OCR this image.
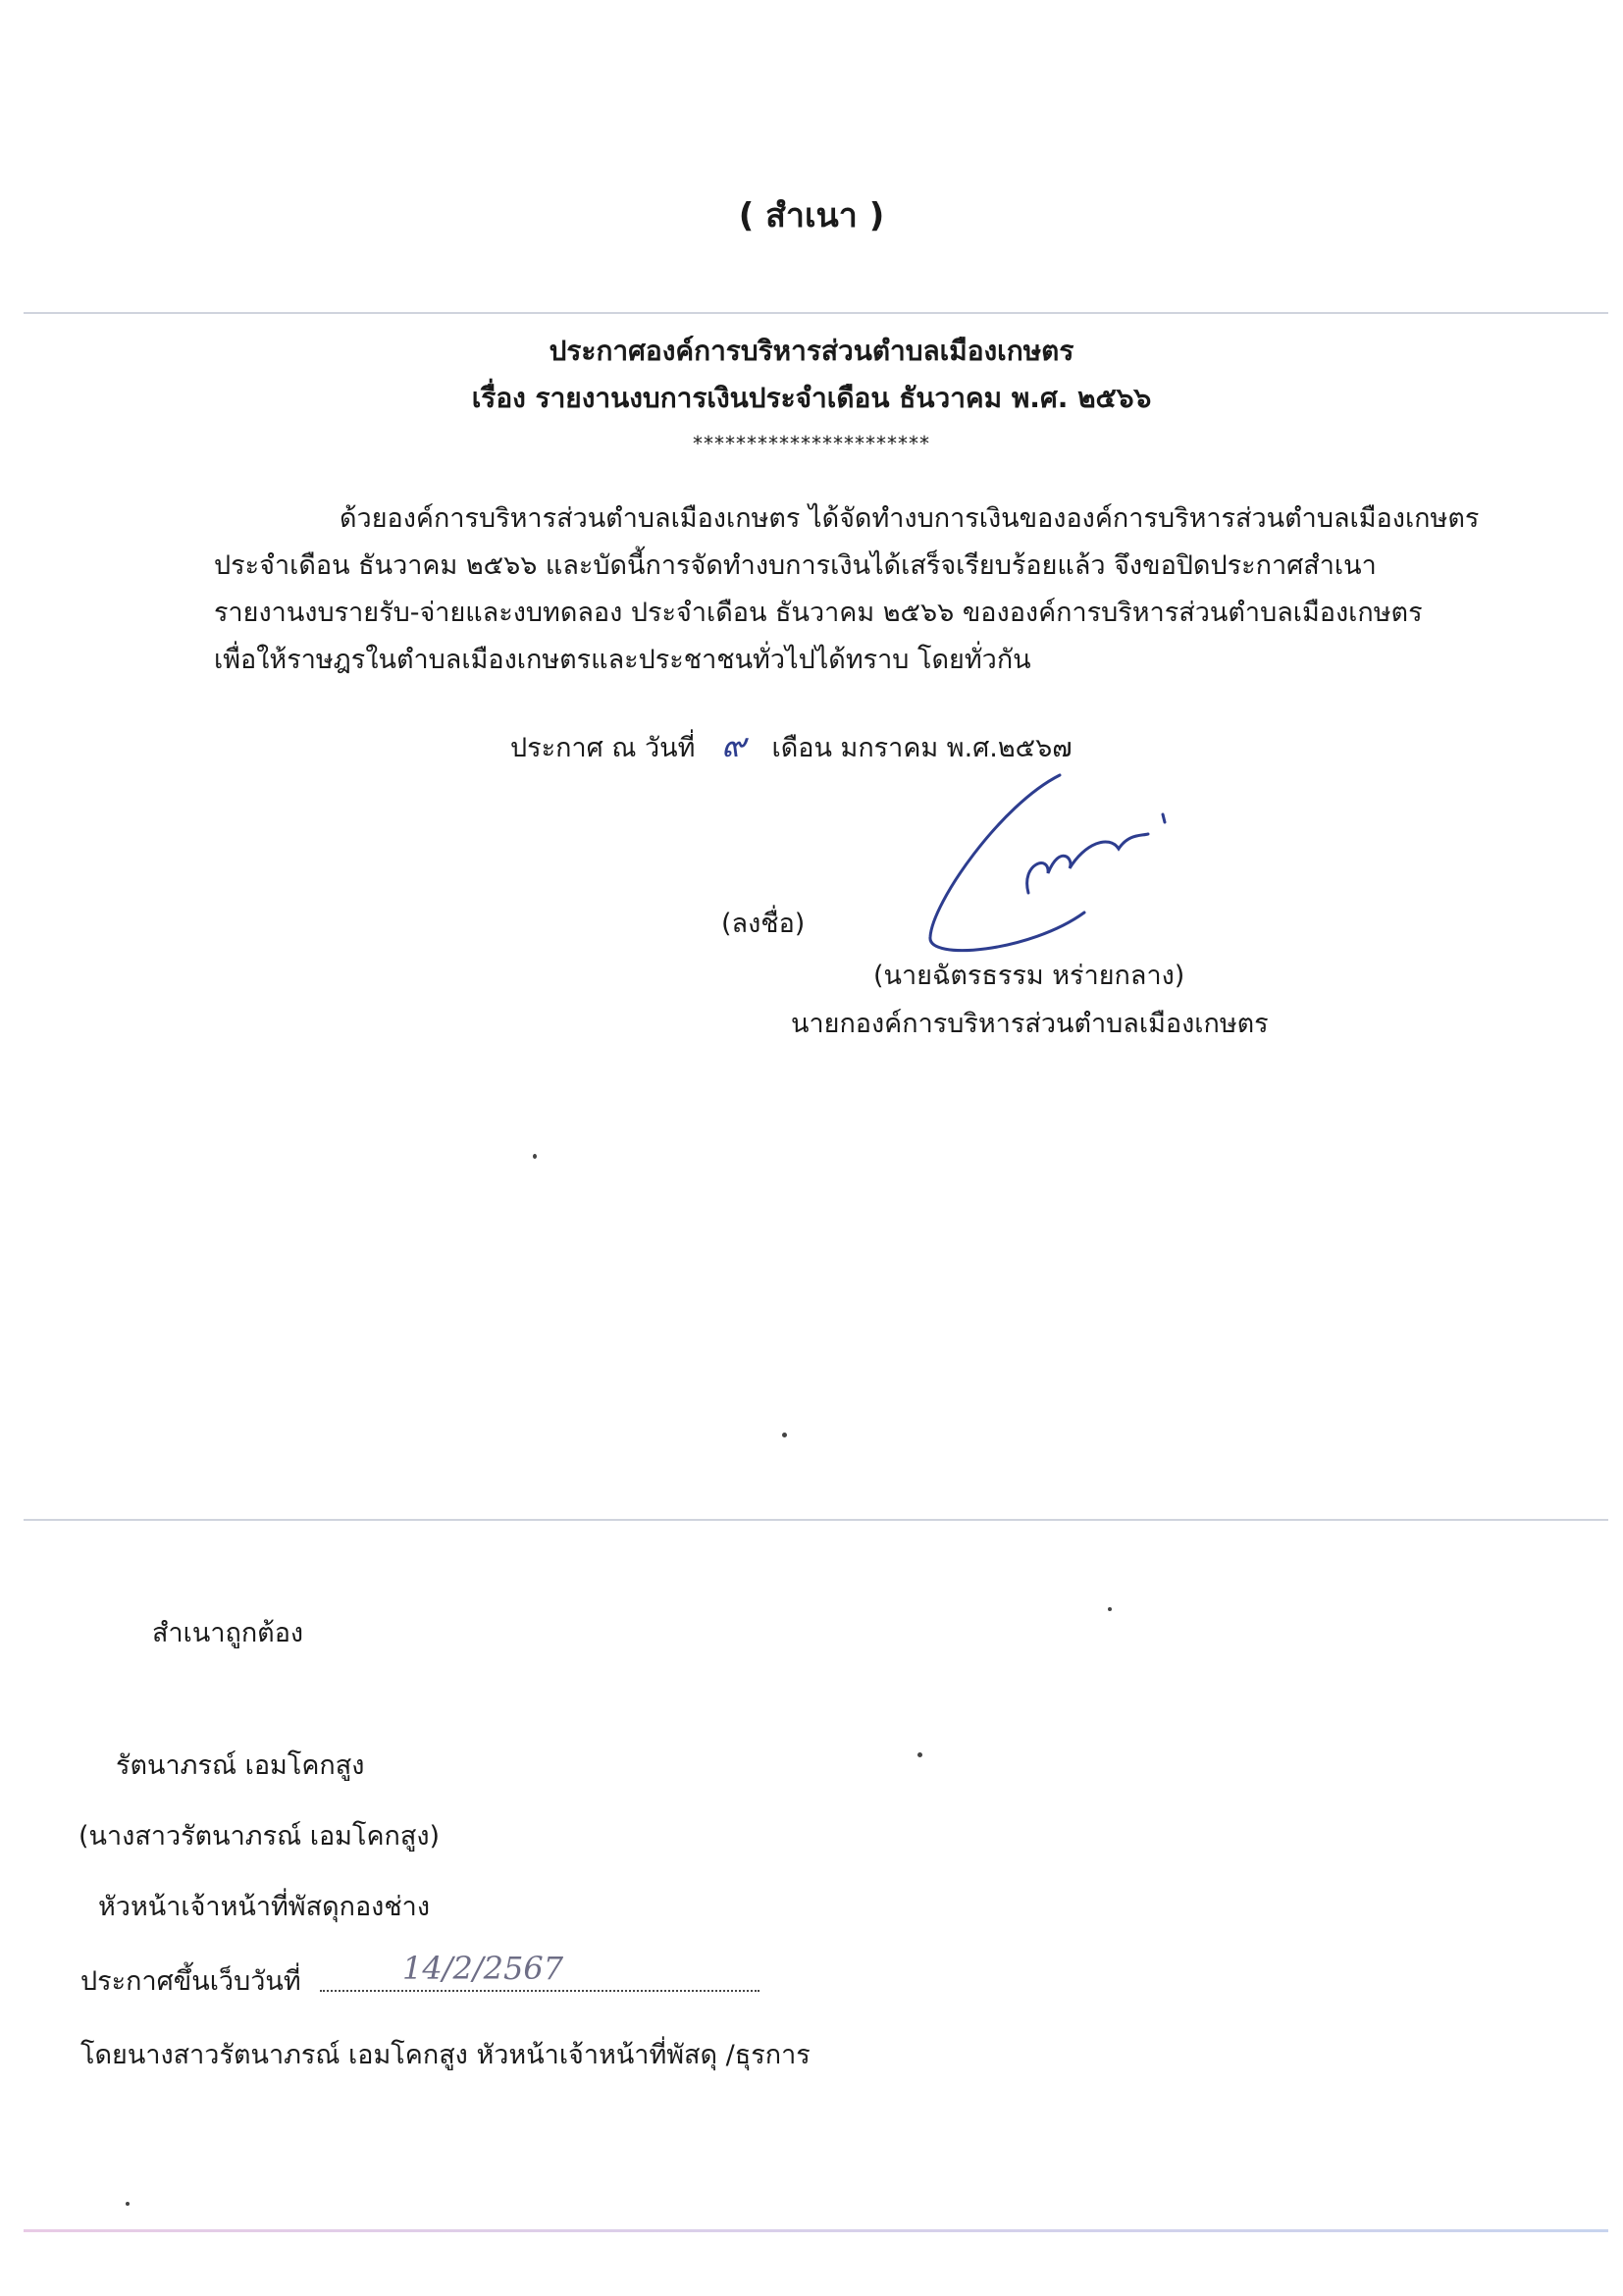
( สำเนา )
ประกาศองค์การบริหารส่วนตำบลเมืองเกษตร
เรื่อง รายงานงบการเงินประจำเดือน ธันวาคม พ.ศ. ๒๕๖๖
**********************
ด้วยองค์การบริหารส่วนตำบลเมืองเกษตร ได้จัดทำงบการเงินขององค์การบริหารส่วนตำบลเมืองเกษตร
ประจำเดือน ธันวาคม ๒๕๖๖ และบัดนี้การจัดทำงบการเงินได้เสร็จเรียบร้อยแล้ว จึงขอปิดประกาศสำเนา
รายงานงบรายรับ-จ่ายและงบทดลอง ประจำเดือน ธันวาคม ๒๕๖๖ ขององค์การบริหารส่วนตำบลเมืองเกษตร
เพื่อให้ราษฎรในตำบลเมืองเกษตรและประชาชนทั่วไปได้ทราบ โดยทั่วกัน
ประกาศ ณ วันที่ ๙ เดือน มกราคม พ.ศ.๒๕๖๗
(ลงชื่อ)
(นายฉัตรธรรม หร่ายกลาง)
นายกองค์การบริหารส่วนตำบลเมืองเกษตร
สำเนาถูกต้อง
รัตนาภรณ์ เอมโคกสูง
(นางสาวรัตนาภรณ์ เอมโคกสูง)
หัวหน้าเจ้าหน้าที่พัสดุกองช่าง
ประกาศขึ้นเว็บวันที่	14/2/2567
โดยนางสาวรัตนาภรณ์ เอมโคกสูง หัวหน้าเจ้าหน้าที่พัสดุ /ธุรการ
